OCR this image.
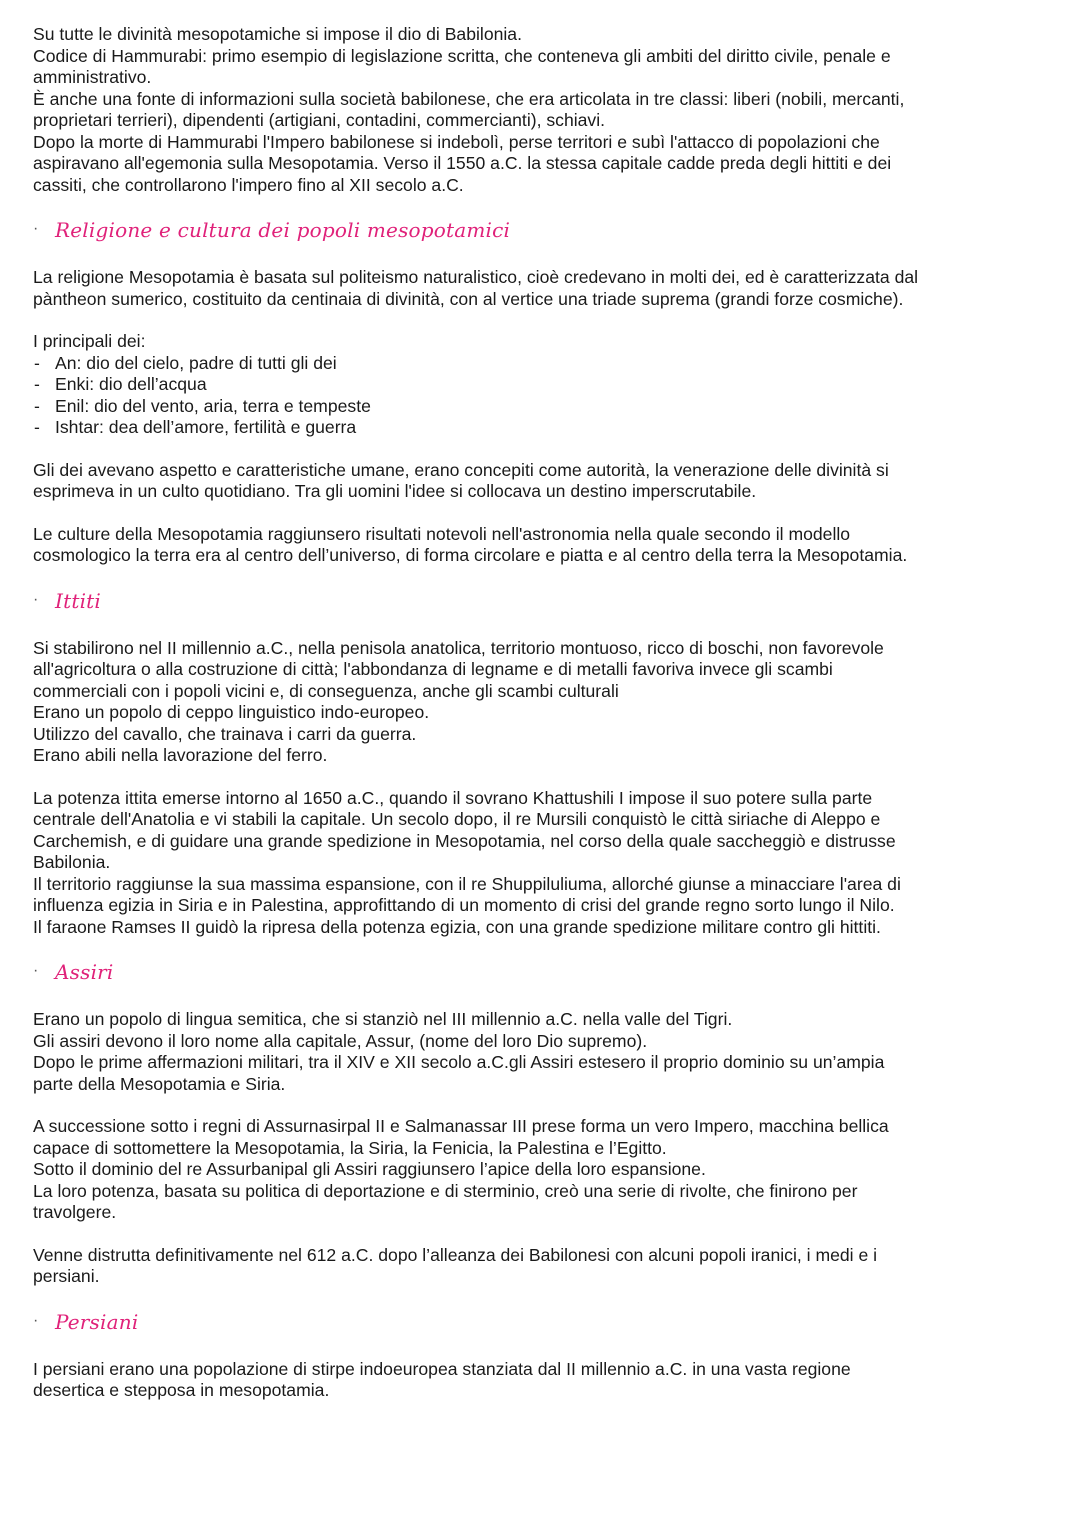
Su tutte le divinità mesopotamiche si impose il dio di Babilonia.
Codice di Hammurabi: primo esempio di legislazione scritta, che conteneva gli ambiti del diritto civile, penale e
amministrativo.
È anche una fonte di informazioni sulla società babilonese, che era articolata in tre classi: liberi (nobili, mercanti,
proprietari terrieri), dipendenti (artigiani, contadini, commercianti), schiavi.
Dopo la morte di Hammurabi l'Impero babilonese si indebolì, perse territori e subì l'attacco di popolazioni che
aspiravano all'egemonia sulla Mesopotamia. Verso il 1550 a.C. la stessa capitale cadde preda degli hittiti e dei
cassiti, che controllarono l'impero fino al XII secolo a.C.
· Religione e cultura dei popoli mesopotamici
La religione Mesopotamia è basata sul politeismo naturalistico, cioè credevano in molti dei, ed è caratterizzata dal
pàntheon sumerico, costituito da centinaia di divinità, con al vertice una triade suprema (grandi forze cosmiche).
I principali dei:
- An: dio del cielo, padre di tutti gli dei
- Enki: dio dell’acqua
- Enil: dio del vento, aria, terra e tempeste
- Ishtar: dea dell’amore, fertilità e guerra
Gli dei avevano aspetto e caratteristiche umane, erano concepiti come autorità, la venerazione delle divinità si
esprimeva in un culto quotidiano. Tra gli uomini l'idee si collocava un destino imperscrutabile.
Le culture della Mesopotamia raggiunsero risultati notevoli nell'astronomia nella quale secondo il modello
cosmologico la terra era al centro dell’universo, di forma circolare e piatta e al centro della terra la Mesopotamia.
· Ittiti
Si stabilirono nel II millennio a.C., nella penisola anatolica, territorio montuoso, ricco di boschi, non favorevole
all'agricoltura o alla costruzione di città; l'abbondanza di legname e di metalli favoriva invece gli scambi
commerciali con i popoli vicini e, di conseguenza, anche gli scambi culturali
Erano un popolo di ceppo linguistico indo-europeo.
Utilizzo del cavallo, che trainava i carri da guerra.
Erano abili nella lavorazione del ferro.
La potenza ittita emerse intorno al 1650 a.C., quando il sovrano Khattushili I impose il suo potere sulla parte
centrale dell'Anatolia e vi stabili la capitale. Un secolo dopo, il re Mursili conquistò le città siriache di Aleppo e
Carchemish, e di guidare una grande spedizione in Mesopotamia, nel corso della quale saccheggiò e distrusse
Babilonia.
Il territorio raggiunse la sua massima espansione, con il re Shuppiluliuma, allorché giunse a minacciare l'area di
influenza egizia in Siria e in Palestina, approfittando di un momento di crisi del grande regno sorto lungo il Nilo.
Il faraone Ramses II guidò la ripresa della potenza egizia, con una grande spedizione militare contro gli hittiti.
· Assiri
Erano un popolo di lingua semitica, che si stanziò nel III millennio a.C. nella valle del Tigri.
Gli assiri devono il loro nome alla capitale, Assur, (nome del loro Dio supremo).
Dopo le prime affermazioni militari, tra il XIV e XII secolo a.C.gli Assiri estesero il proprio dominio su un’ampia
parte della Mesopotamia e Siria.
A successione sotto i regni di Assurnasirpal II e Salmanassar III prese forma un vero Impero, macchina bellica
capace di sottomettere la Mesopotamia, la Siria, la Fenicia, la Palestina e l’Egitto.
Sotto il dominio del re Assurbanipal gli Assiri raggiunsero l’apice della loro espansione.
La loro potenza, basata su politica di deportazione e di sterminio, creò una serie di rivolte, che finirono per
travolgere.
Venne distrutta definitivamente nel 612 a.C. dopo l’alleanza dei Babilonesi con alcuni popoli iranici, i medi e i
persiani.
· Persiani
I persiani erano una popolazione di stirpe indoeuropea stanziata dal II millennio a.C. in una vasta regione
desertica e stepposa in mesopotamia.
